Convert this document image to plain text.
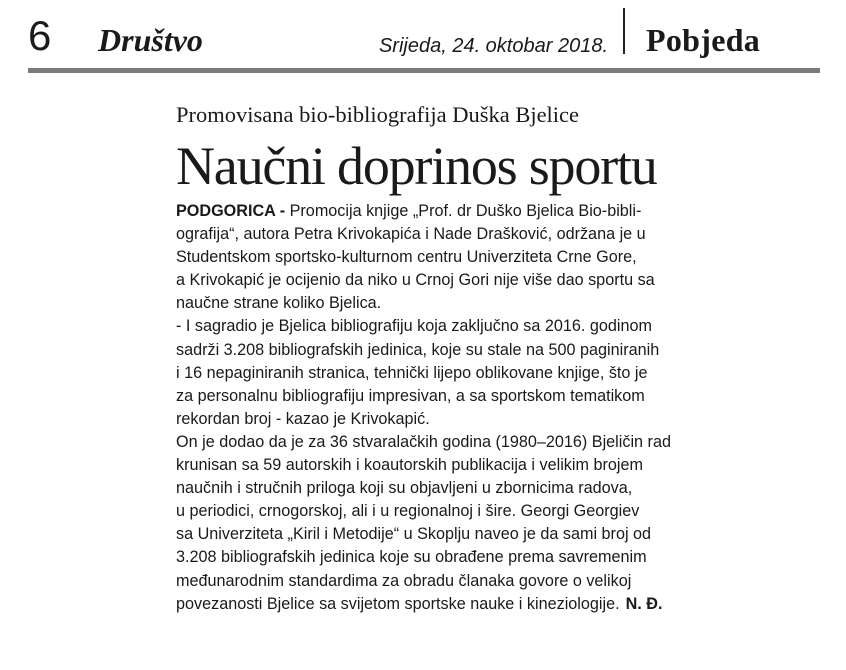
6 Društvo	Srijeda, 24. oktobar 2018. Pobjeda
Promovisana bio-bibliografija Duška Bjelice
Naučni doprinos sportu
PODGORICA - Promocija knjige „Prof. dr Duško Bjelica Bio-bibli-
ografija“, autora Petra Krivokapića i Nade Drašković, održana je u
Studentskom sportsko-kulturnom centru Univerziteta Crne Gore,
a Krivokapić je ocijenio da niko u Crnoj Gori nije više dao sportu sa
naučne strane koliko Bjelica.
- I sagradio je Bjelica bibliografiju koja zaključno sa 2016. godinom
sadrži 3.208 bibliografskih jedinica, koje su stale na 500 paginiranih
i 16 nepaginiranih stranica, tehnički lijepo oblikovane knjige, što je
za personalnu bibliografiju impresivan, a sa sportskom tematikom
rekordan broj - kazao je Krivokapić.
On je dodao da je za 36 stvaralačkih godina (1980–2016) Bjeličin rad
krunisan sa 59 autorskih i koautorskih publikacija i velikim brojem
naučnih i stručnih priloga koji su objavljeni u zbornicima radova,
u periodici, crnogorskoj, ali i u regionalnoj i šire. Georgi Georgiev
sa Univerziteta „Kiril i Metodije“ u Skoplju naveo je da sami broj od
3.208 bibliografskih jedinica koje su obrađene prema savremenim
međunarodnim standardima za obradu članaka govore o velikoj
povezanosti Bjelice sa svijetom sportske nauke i kineziologije. N. Đ.
